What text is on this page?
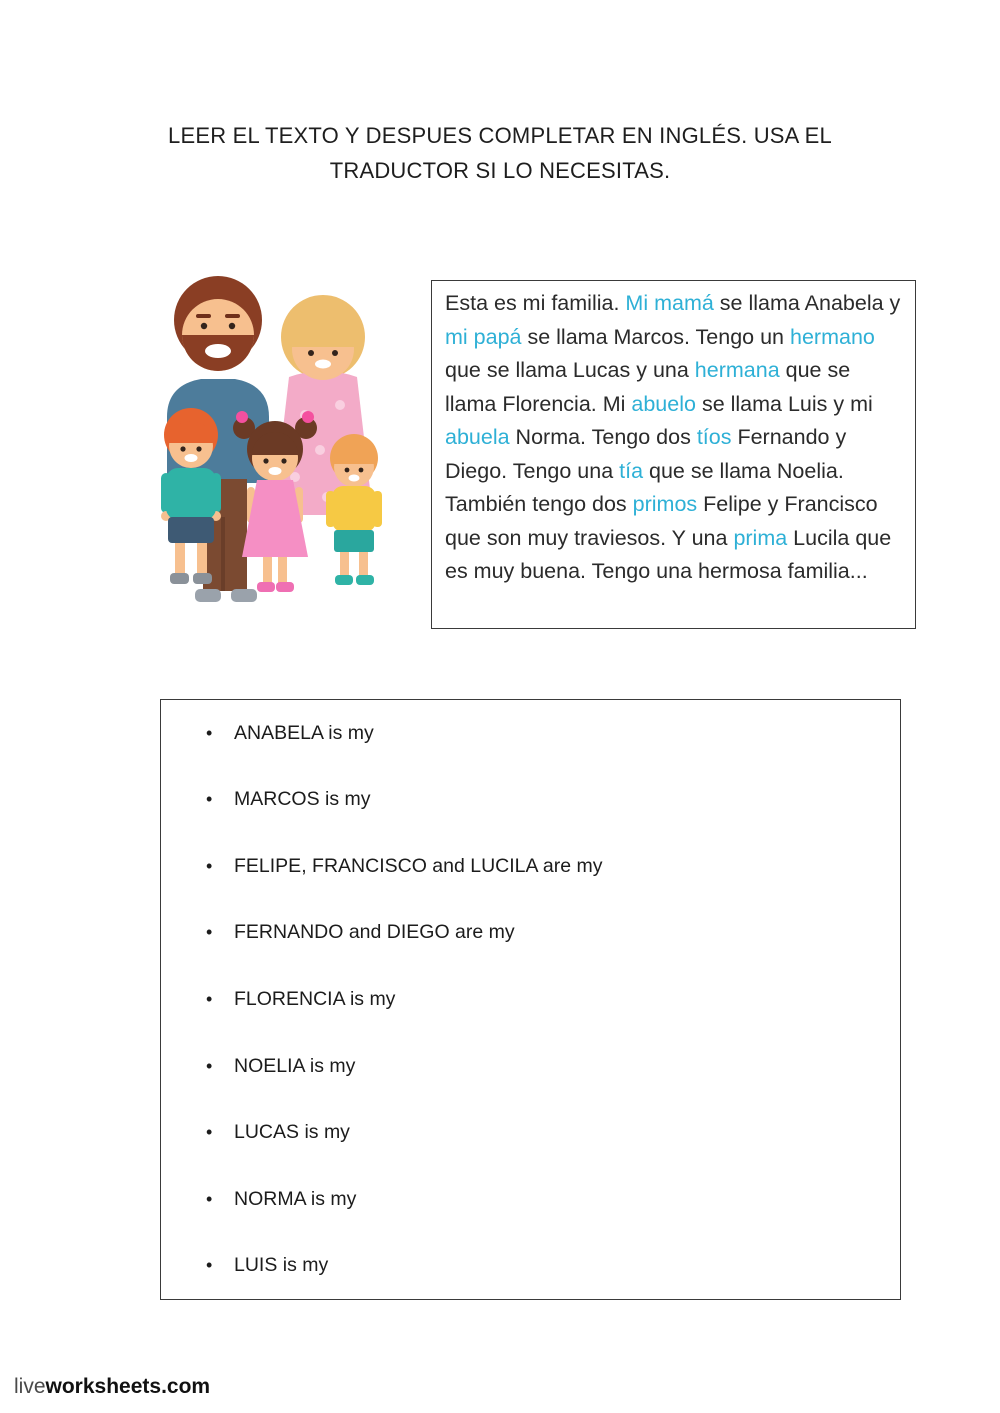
LEER EL TEXTO Y DESPUES COMPLETAR EN INGLÉS. USA EL
TRADUCTOR SI LO NECESITAS.

Esta es mi familia. Mi mamá se llama Anabela y mi papá se llama Marcos. Tengo un hermano que se llama Lucas y una hermana que se llama Florencia. Mi abuelo se llama Luis y mi abuela Norma. Tengo dos tíos Fernando y Diego. Tengo una tía que se llama Noelia. También tengo dos primos Felipe y Francisco que son muy traviesos. Y una prima Lucila que es muy buena. Tengo una hermosa familia...

•	ANABELA is my
•	MARCOS is my
•	FELIPE, FRANCISCO and LUCILA are my
•	FERNANDO and DIEGO are my
•	FLORENCIA is my
•	NOELIA is my
•	LUCAS is my
•	NORMA is my
•	LUIS is my
liveworksheets.com
